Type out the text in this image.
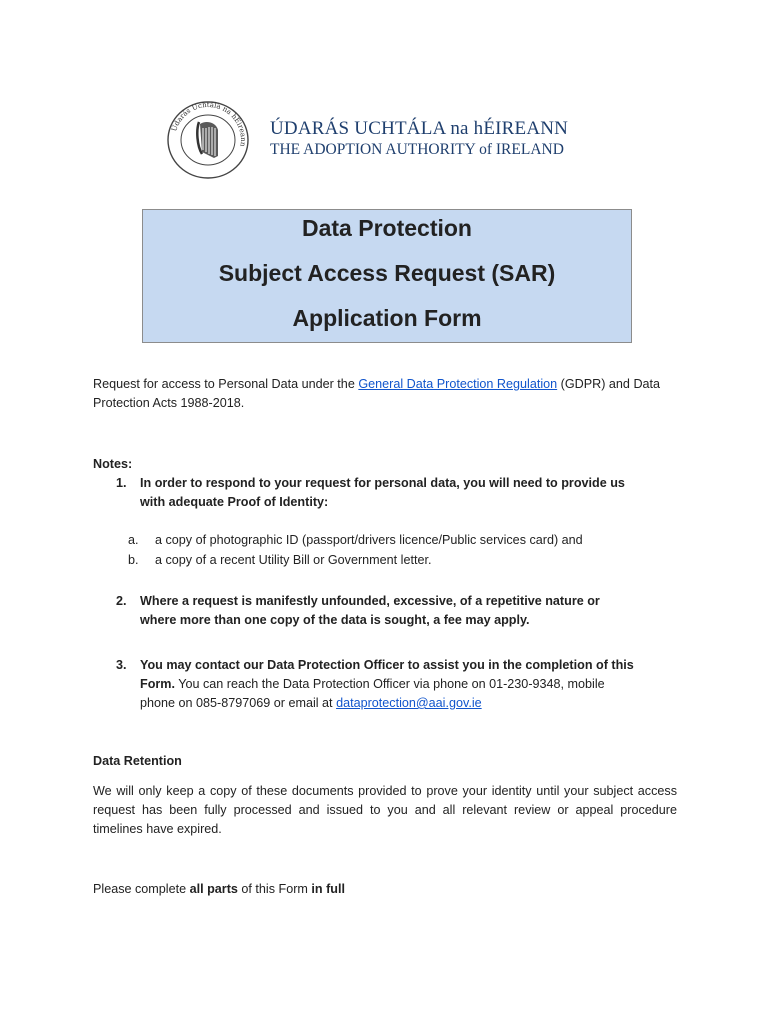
Údarás Uchtála na hÉireann
ÚDARÁS UCHTÁLA na hÉIREANN
THE ADOPTION AUTHORITY of IRELAND
Data Protection
Subject Access Request (SAR)
Application Form
Request for access to Personal Data under the General Data Protection Regulation (GDPR) and Data Protection Acts 1988-2018.
Notes:
1. In order to respond to your request for personal data, you will need to provide us
with adequate Proof of Identity:
a. a copy of photographic ID (passport/drivers licence/Public services card) and
b. a copy of a recent Utility Bill or Government letter.
2. Where a request is manifestly unfounded, excessive, of a repetitive nature or
where more than one copy of the data is sought, a fee may apply.
3. You may contact our Data Protection Officer to assist you in the completion of this
Form. You can reach the Data Protection Officer via phone on 01-230-9348, mobile
phone on 085-8797069 or email at dataprotection@aai.gov.ie
Data Retention
We will only keep a copy of these documents provided to prove your identity until your subject access request has been fully processed and issued to you and all relevant review or appeal procedure timelines have expired.
Please complete all parts of this Form in full
